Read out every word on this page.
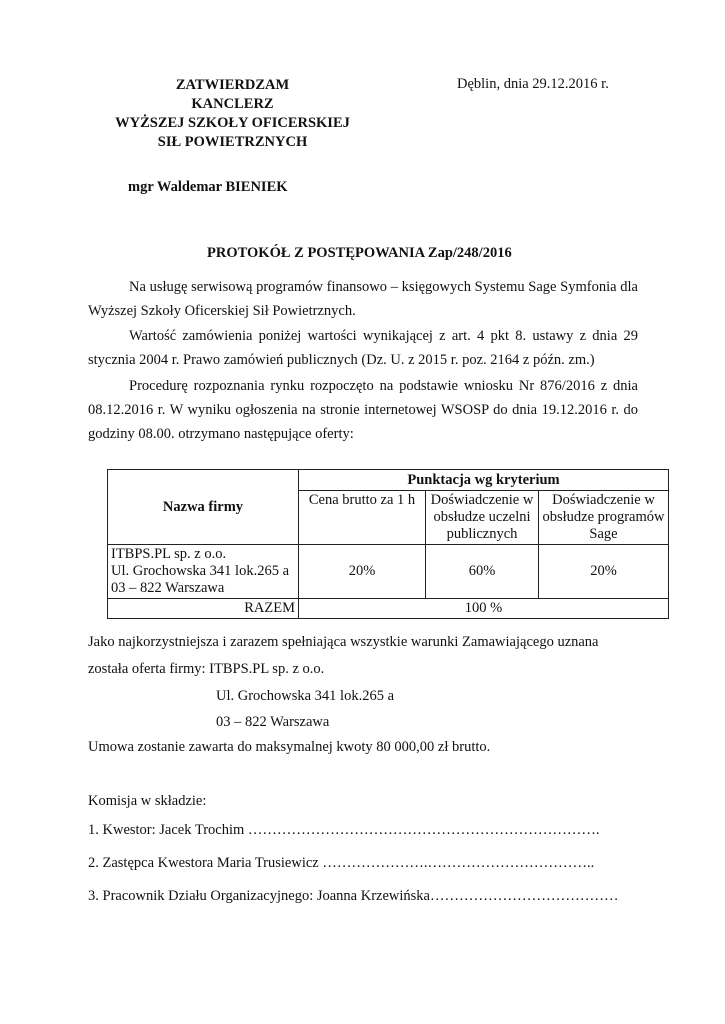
ZATWIERDZAM
KANCLERZ
WYŻSZEJ SZKOŁY OFICERSKIEJ
SIŁ POWIETRZNYCH
Dęblin, dnia 29.12.2016 r.
mgr Waldemar BIENIEK
PROTOKÓŁ Z POSTĘPOWANIA Zap/248/2016
Na usługę serwisową programów finansowo – księgowych Systemu Sage Symfonia dla Wyższej Szkoły Oficerskiej Sił Powietrznych.
Wartość zamówienia poniżej wartości wynikającej z art. 4 pkt 8. ustawy z dnia 29 stycznia 2004 r. Prawo zamówień publicznych (Dz. U. z 2015 r. poz. 2164 z późn. zm.)
Procedurę rozpoznania rynku rozpoczęto na podstawie wniosku Nr 876/2016 z dnia 08.12.2016 r. W wyniku ogłoszenia na stronie internetowej WSOSP do dnia 19.12.2016 r. do godziny 08.00. otrzymano następujące oferty:
Nazwa firmy	Punktacja wg kryterium		
	Cena brutto za 1 h	Doświadczenie w obsłudze uczelni publicznych	Doświadczenie w obsłudze programów Sage

ITBPS.PL sp. z o.o.
Ul. Grochowska 341 lok.265 a
03 – 822 Warszawa	20%	60%	20%
RAZEM	100 %		
Jako najkorzystniejsza i zarazem spełniająca wszystkie warunki Zamawiającego uznana
została oferta firmy: ITBPS.PL sp. z o.o.
Ul. Grochowska 341 lok.265 a
03 – 822 Warszawa
Umowa zostanie zawarta do maksymalnej kwoty 80 000,00 zł brutto.
Komisja w składzie:
1. Kwestor: Jacek Trochim ……………………………………………………………….
2. Zastępca Kwestora Maria Trusiewicz ………………….……………………………..
3. Pracownik Działu Organizacyjnego: Joanna Krzewińska…………………………………
